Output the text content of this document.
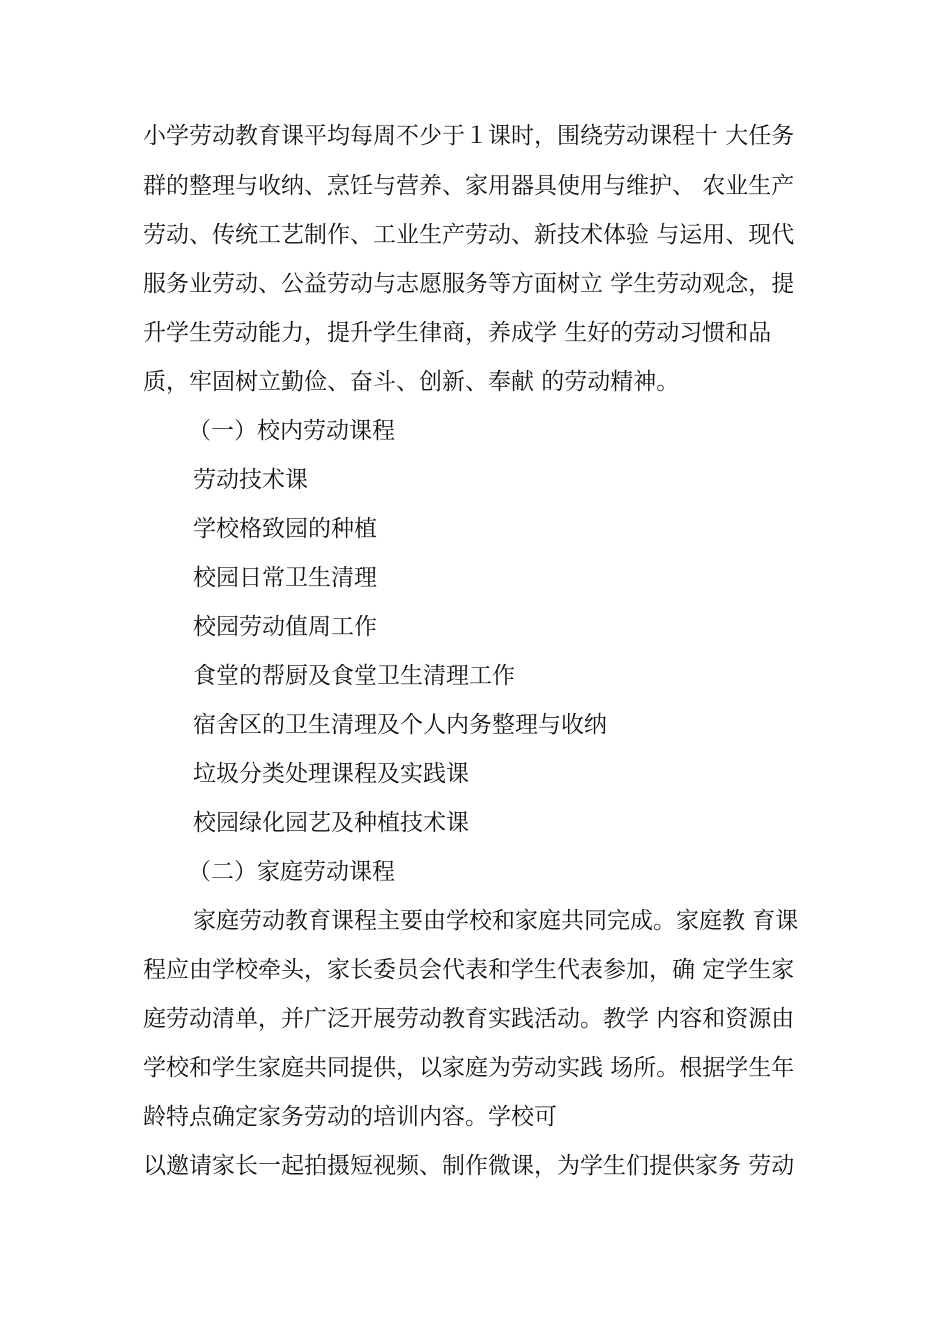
小学劳动教育课平均每周不少于１课时，围绕劳动课程十 大任务
群的整理与收纳、烹饪与营养、家用器具使用与维护、 农业生产
劳动、传统工艺制作、工业生产劳动、新技术体验 与运用、现代
服务业劳动、公益劳动与志愿服务等方面树立 学生劳动观念，提
升学生劳动能力，提升学生律商，养成学 生好的劳动习惯和品
质，牢固树立勤俭、奋斗、创新、奉献 的劳动精神。
（一）校内劳动课程
劳动技术课
学校格致园的种植
校园日常卫生清理
校园劳动值周工作
食堂的帮厨及食堂卫生清理工作
宿舍区的卫生清理及个人内务整理与收纳
垃圾分类处理课程及实践课
校园绿化园艺及种植技术课
（二）家庭劳动课程
家庭劳动教育课程主要由学校和家庭共同完成。家庭教 育课
程应由学校牵头，家长委员会代表和学生代表参加，确 定学生家
庭劳动清单，并广泛开展劳动教育实践活动。教学 内容和资源由
学校和学生家庭共同提供，以家庭为劳动实践 场所。根据学生年
龄特点确定家务劳动的培训内容。学校可
以邀请家长一起拍摄短视频、制作微课，为学生们提供家务 劳动
